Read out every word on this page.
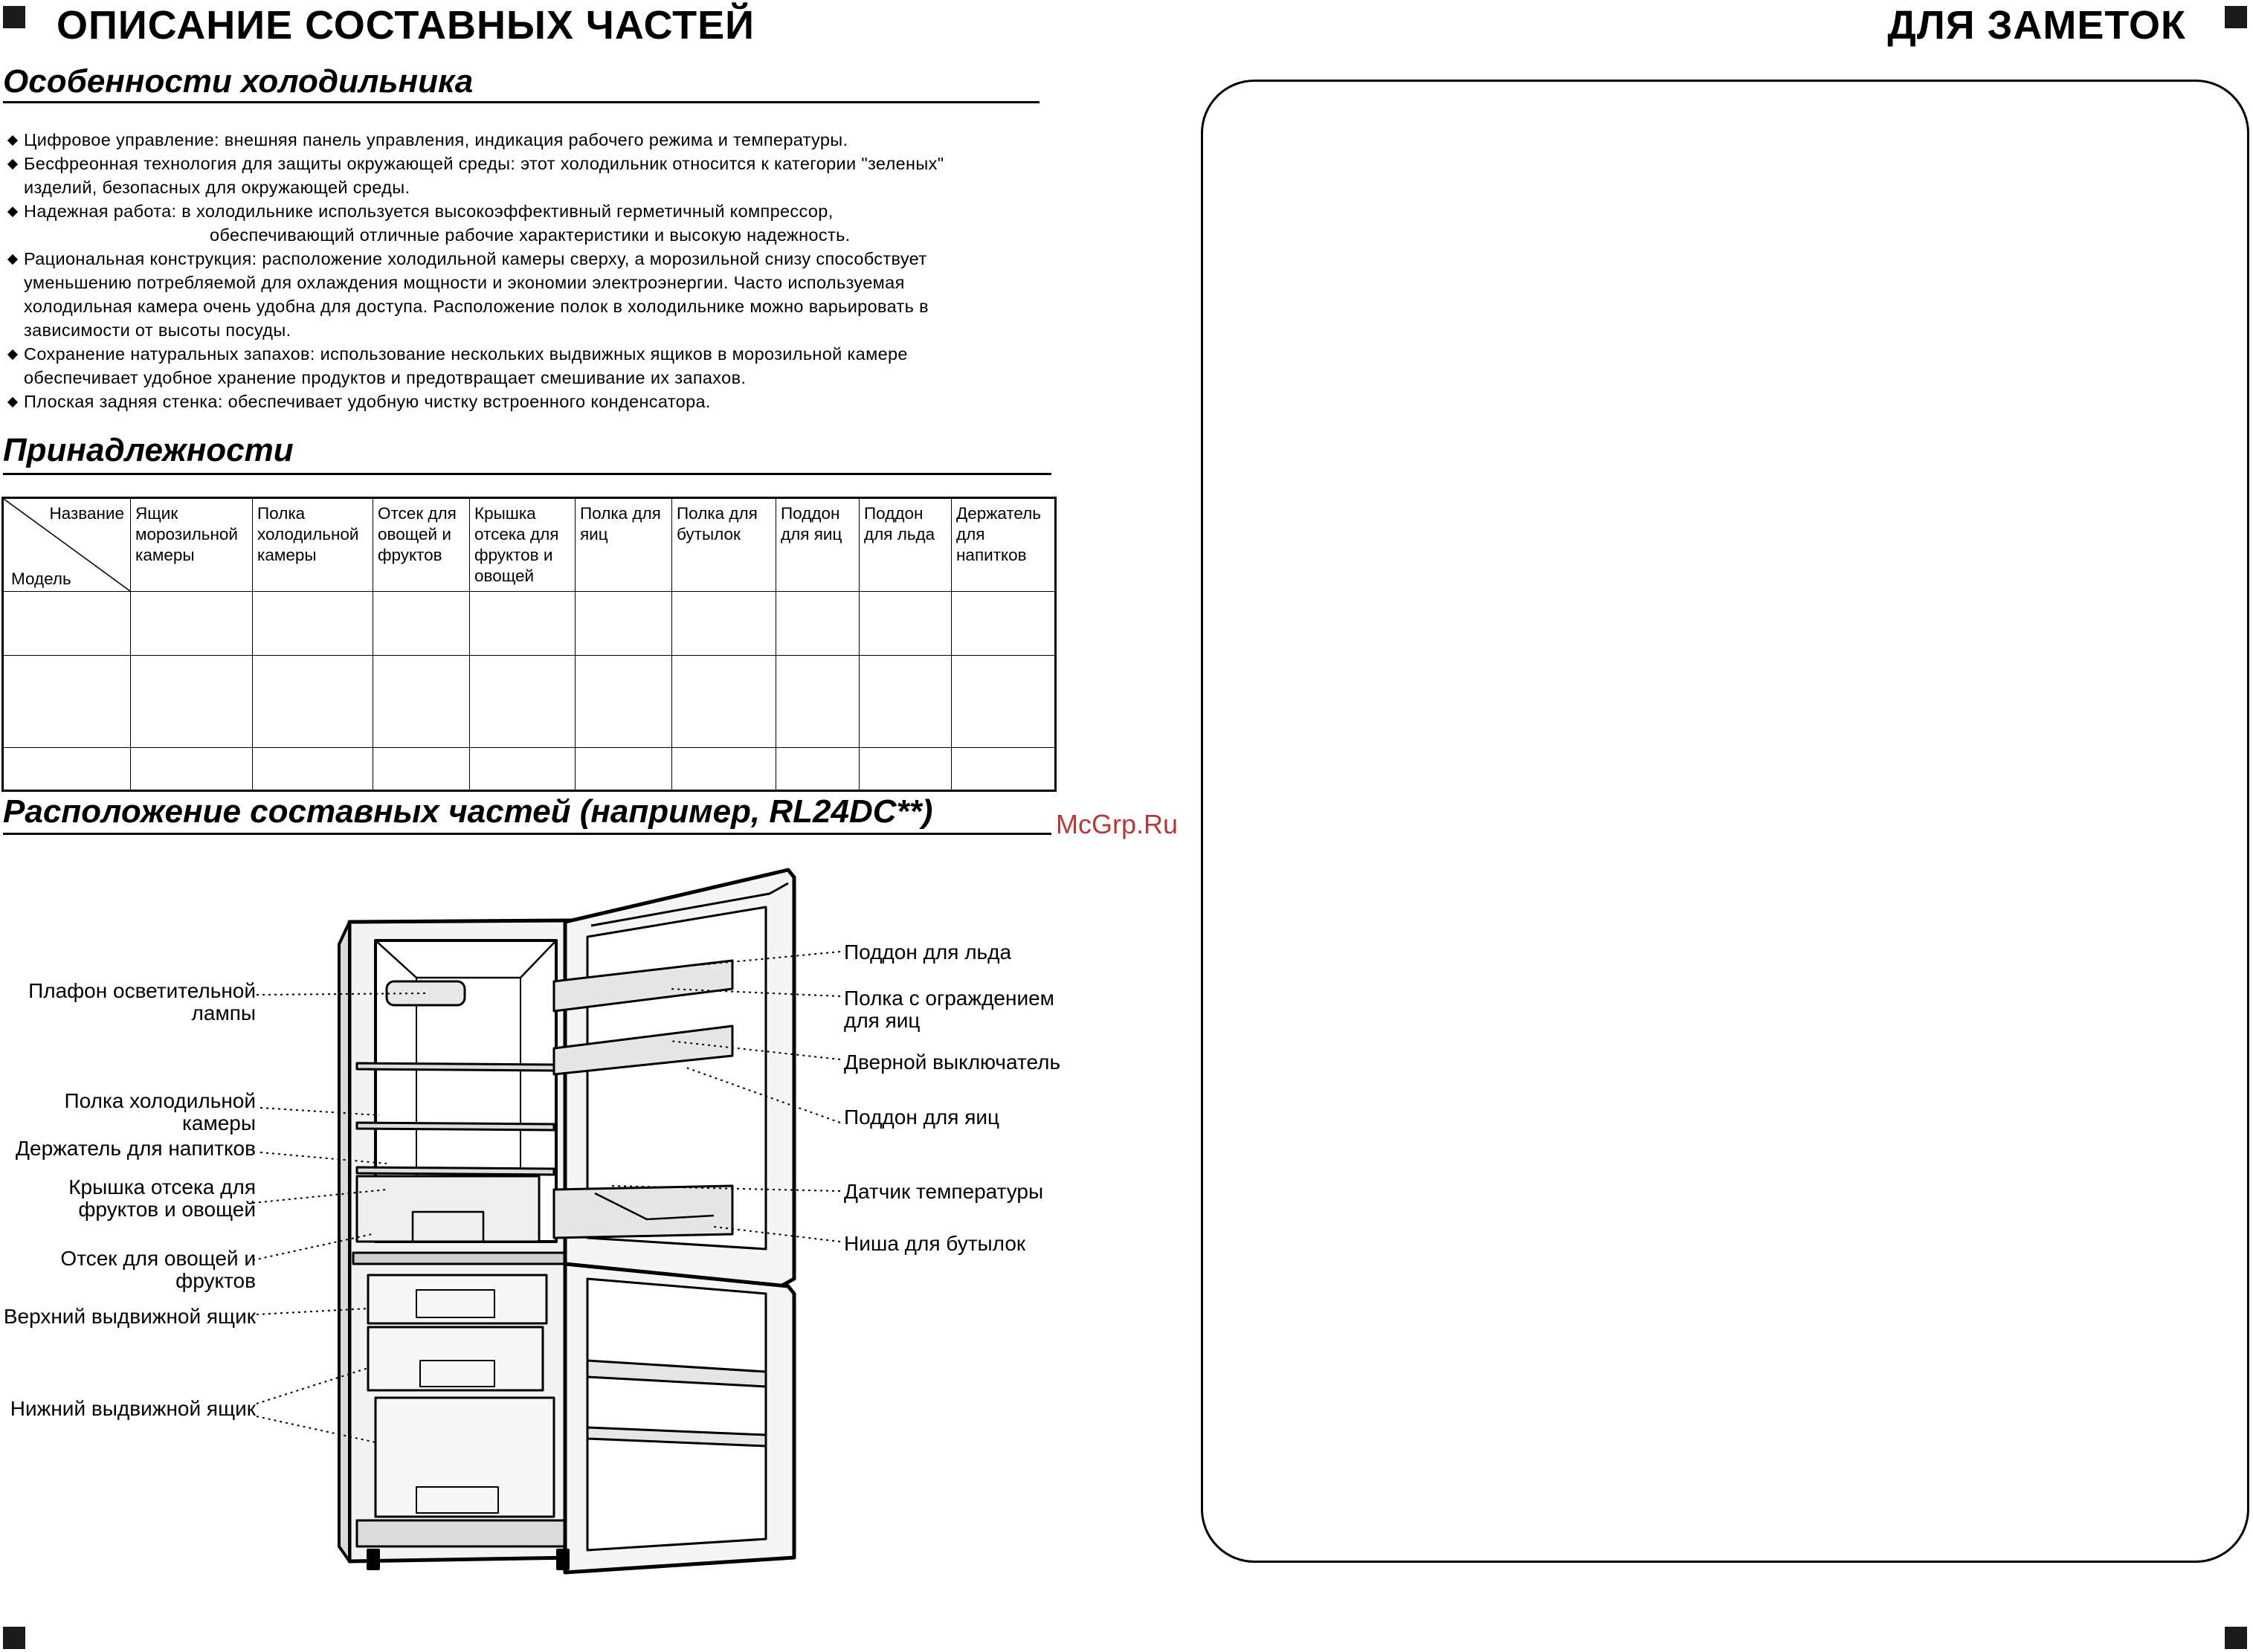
ОПИСАНИЕ СОСТАВНЫХ ЧАСТЕЙ	ДЛЯ ЗАМЕТОК
Особенности холодильника
Цифровое управление: внешняя панель управления, индикация рабочего режима и температуры.
Бесфреонная технология для защиты окружающей среды: этот холодильник относится к категории "зеленых"
изделий, безопасных для окружающей среды.
Надежная работа: в холодильнике используется высокоэффективный герметичный компрессор,
обеспечивающий отличные рабочие характеристики и высокую надежность.
Рациональная конструкция: расположение холодильной камеры сверху, а морозильной снизу способствует
уменьшению потребляемой для охлаждения мощности и экономии электроэнергии. Часто используемая
холодильная камера очень удобна для доступа. Расположение полок в холодильнике можно варьировать в
зависимости от высоты посуды.
Сохранение натуральных запахов: использование нескольких выдвижных ящиков в морозильной камере
обеспечивает удобное хранение продуктов и предотвращает смешивание их запахов.
Плоская задняя стенка: обеспечивает удобную чистку встроенного конденсатора.
Принадлежности
Название
Модель	Ящик морозильной камеры	Полка холодильной камеры	Отсек для овощей и фруктов	Крышка отсека для фруктов и овощей	Полка для яиц	Полка для бутылок	Поддон для яиц	Поддон для льда	Держатель для напитков

Расположение составных частей (например, RL24DC**)	McGrp.Ru
Плафон осветительной лампы
Полка холодильной камеры
Держатель для напитков
Крышка отсека для фруктов и овощей
Отсек для овощей и фруктов
Верхний выдвижной ящик
Нижний выдвижной ящик
Поддон для льда
Полка с ограждением для яиц
Дверной выключатель
Поддон для яиц
Датчик температуры
Ниша для бутылок
